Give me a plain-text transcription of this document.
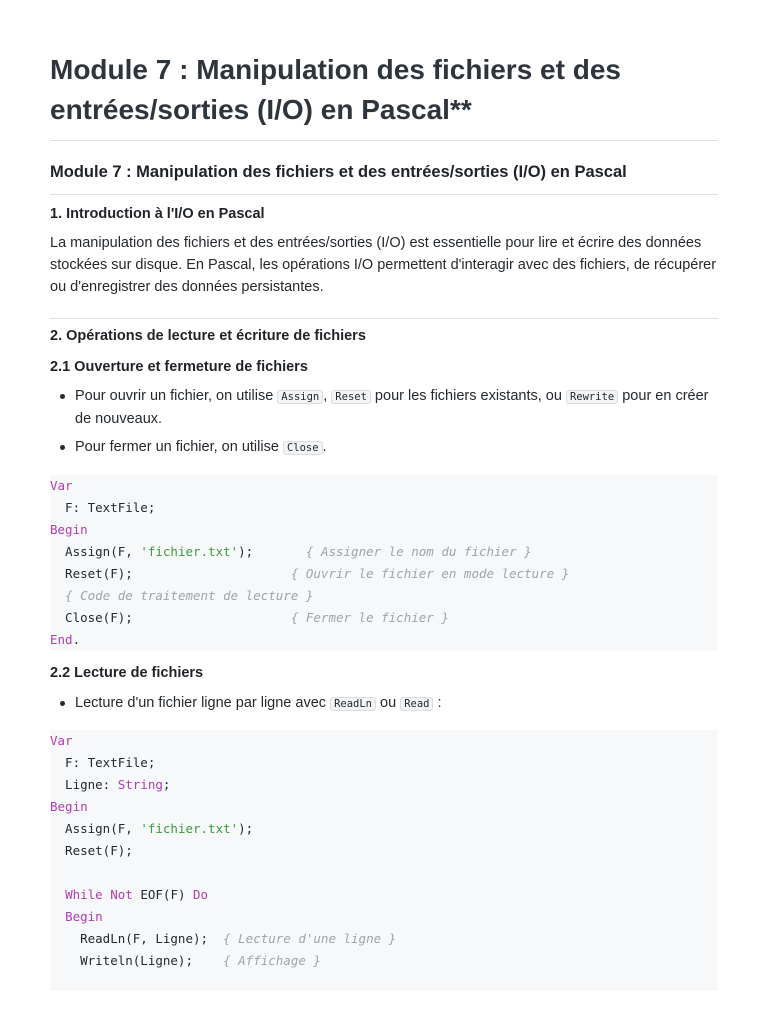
Module 7 : Manipulation des fichiers et des entrées/sorties (I/O) en Pascal**
Module 7 : Manipulation des fichiers et des entrées/sorties (I/O) en Pascal
1. Introduction à l'I/O en Pascal

La manipulation des fichiers et des entrées/sorties (I/O) est essentielle pour lire et écrire des données stockées sur disque. En Pascal, les opérations I/O permettent d'interagir avec des fichiers, de récupérer ou d'enregistrer des données persistantes.

2. Opérations de lecture et écriture de fichiers
2.1 Ouverture et fermeture de fichiers
Pour ouvrir un fichier, on utilise Assign , Reset pour les fichiers existants, ou Rewrite pour en créer de nouveaux.
Pour fermer un fichier, on utilise Close .
Var
F: TextFile;
Begin
Assign(F, 'fichier.txt');       { Assigner le nom du fichier }
Reset(F);                     { Ouvrir le fichier en mode lecture }
{ Code de traitement de lecture }
Close(F);                     { Fermer le fichier }
End.
2.2 Lecture de fichiers
Lecture d'un fichier ligne par ligne avec ReadLn ou Read :
Var
F: TextFile;
Ligne: String;
Begin
Assign(F, 'fichier.txt');
Reset(F);

While Not EOF(F) Do
Begin
ReadLn(F, Ligne);  { Lecture d'une ligne }
Writeln(Ligne);    { Affichage }
